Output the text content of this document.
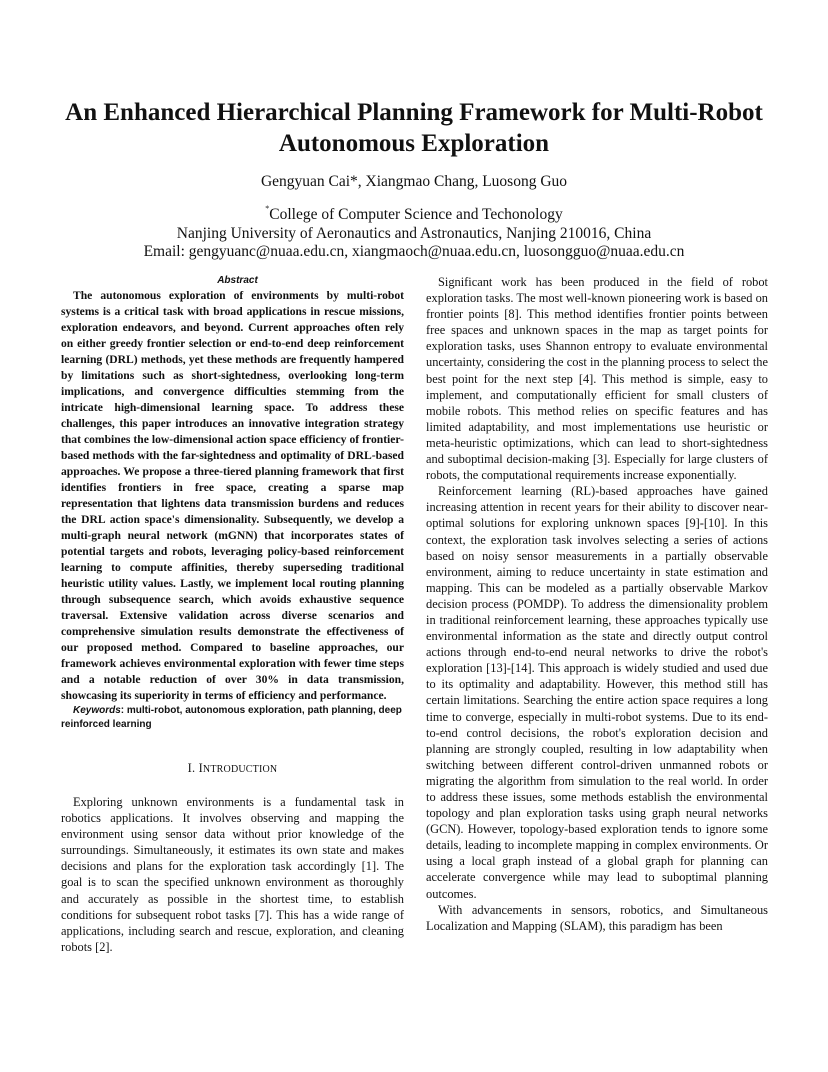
An Enhanced Hierarchical Planning Framework for Multi-Robot Autonomous Exploration
Gengyuan Cai*, Xiangmao Chang, Luosong Guo
*College of Computer Science and Techonology
Nanjing University of Aeronautics and Astronautics, Nanjing 210016, China
Email: gengyuanc@nuaa.edu.cn, xiangmaoch@nuaa.edu.cn, luosongguo@nuaa.edu.cn
Abstract

The autonomous exploration of environments by multi-robot systems is a critical task with broad applications in rescue missions, exploration endeavors, and beyond. Current approaches often rely on either greedy frontier selection or end-to-end deep reinforcement learning (DRL) methods, yet these methods are frequently hampered by limitations such as short-sightedness, overlooking long-term implications, and convergence difficulties stemming from the intricate high-dimensional learning space. To address these challenges, this paper introduces an innovative integration strategy that combines the low-dimensional action space efficiency of frontier-based methods with the far-sightedness and optimality of DRL-based approaches. We propose a three-tiered planning framework that first identifies frontiers in free space, creating a sparse map representation that lightens data transmission burdens and reduces the DRL action space's dimensionality. Subsequently, we develop a multi-graph neural network (mGNN) that incorporates states of potential targets and robots, leveraging policy-based reinforcement learning to compute affinities, thereby superseding traditional heuristic utility values. Lastly, we implement local routing planning through subsequence search, which avoids exhaustive sequence traversal. Extensive validation across diverse scenarios and comprehensive simulation results demonstrate the effectiveness of our proposed method. Compared to baseline approaches, our framework achieves environmental exploration with fewer time steps and a notable reduction of over 30% in data transmission, showcasing its superiority in terms of efficiency and performance.

Keywords: multi-robot, autonomous exploration, path planning, deep reinforced learning

I. INTRODUCTION

Exploring unknown environments is a fundamental task in robotics applications. It involves observing and mapping the environment using sensor data without prior knowledge of the surroundings. Simultaneously, it estimates its own state and makes decisions and plans for the exploration task accordingly [1]. The goal is to scan the specified unknown environment as thoroughly and accurately as possible in the shortest time, to establish conditions for subsequent robot tasks [7]. This has a wide range of applications, including search and rescue, exploration, and cleaning robots [2].

Significant work has been produced in the field of robot exploration tasks. The most well-known pioneering work is based on frontier points [8]. This method identifies frontier points between free spaces and unknown spaces in the map as target points for exploration tasks, uses Shannon entropy to evaluate environmental uncertainty, considering the cost in the planning process to select the best point for the next step [4]. This method is simple, easy to implement, and computationally efficient for small clusters of mobile robots. This method relies on specific features and has limited adaptability, and most implementations use heuristic or meta-heuristic optimizations, which can lead to short-sightedness and suboptimal decision-making [3]. Especially for large clusters of robots, the computational requirements increase exponentially.

Reinforcement learning (RL)-based approaches have gained increasing attention in recent years for their ability to discover near-optimal solutions for exploring unknown spaces [9]-[10]. In this context, the exploration task involves selecting a series of actions based on noisy sensor measurements in a partially observable environment, aiming to reduce uncertainty in state estimation and mapping. This can be modeled as a partially observable Markov decision process (POMDP). To address the dimensionality problem in traditional reinforcement learning, these approaches typically use environmental information as the state and directly output control actions through end-to-end neural networks to drive the robot's exploration [13]-[14]. This approach is widely studied and used due to its optimality and adaptability. However, this method still has certain limitations. Searching the entire action space requires a long time to converge, especially in multi-robot systems. Due to its end-to-end control decisions, the robot's exploration decision and planning are strongly coupled, resulting in low adaptability when switching between different control-driven unmanned robots or migrating the algorithm from simulation to the real world. In order to address these issues, some methods establish the environmental topology and plan exploration tasks using graph neural networks (GCN). However, topology-based exploration tends to ignore some details, leading to incomplete mapping in complex environments. Or using a local graph instead of a global graph for planning can accelerate convergence while may lead to suboptimal planning outcomes.

With advancements in sensors, robotics, and Simultaneous Localization and Mapping (SLAM), this paradigm has been
